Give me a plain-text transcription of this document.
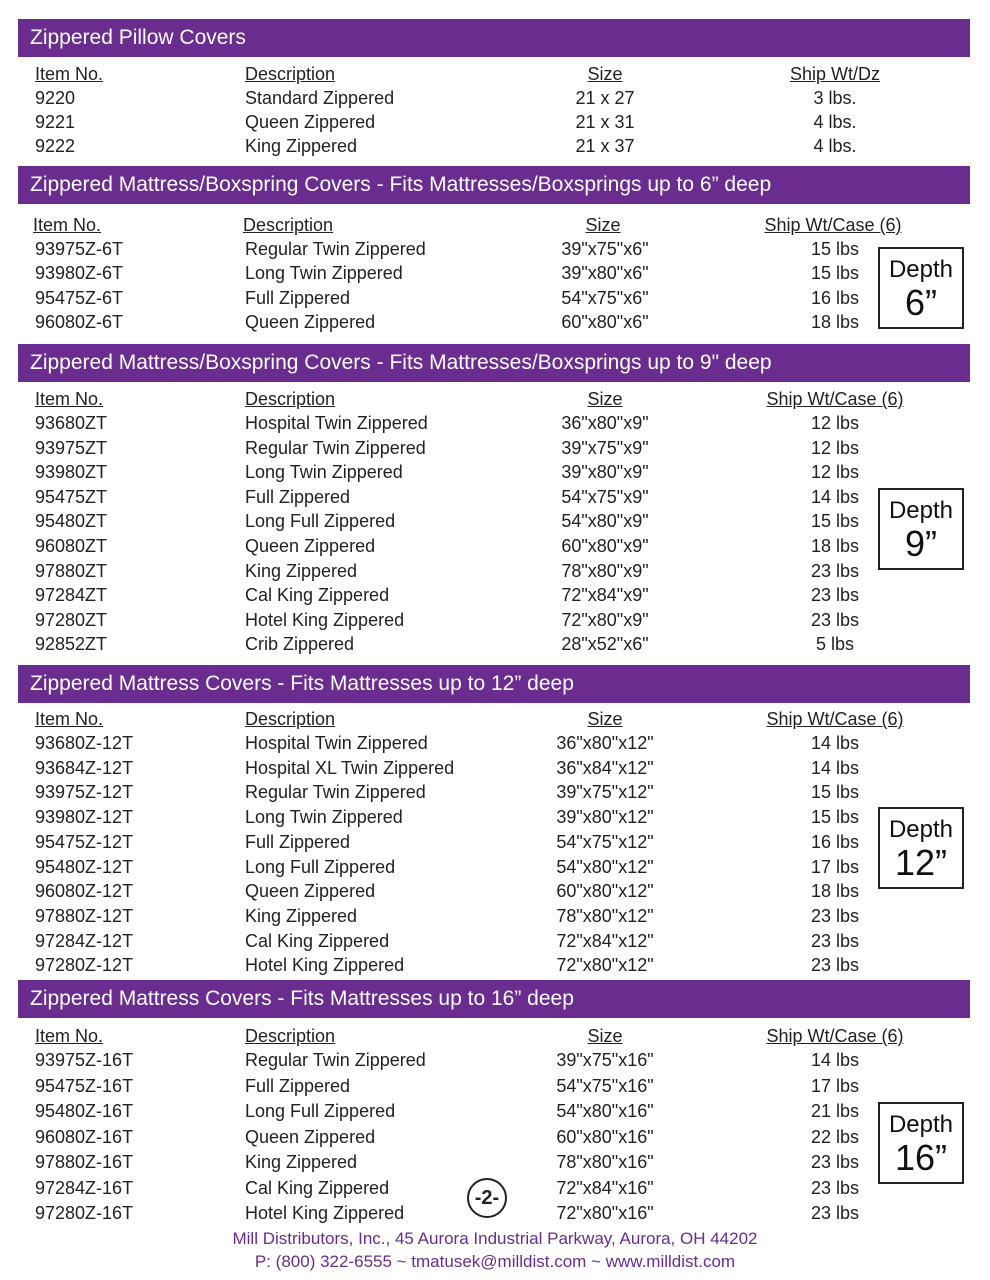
Zippered Pillow Covers
Item No.	Description	Size	Ship Wt/Dz
9220	Standard Zippered	21 x 27	3 lbs.
9221	Queen Zippered	21 x 31	4 lbs.
9222	King Zippered	21 x 37	4 lbs.
Zippered Mattress/Boxspring Covers - Fits Mattresses/Boxsprings up to 6” deep
Item No.	Description	Size	Ship Wt/Case (6)
93975Z-6T	Regular Twin Zippered	39"x75"x6"	15 lbs
93980Z-6T	Long Twin Zippered	39"x80"x6"	15 lbs
95475Z-6T	Full Zippered	54"x75"x6"	16 lbs
96080Z-6T	Queen Zippered	60"x80"x6"	18 lbs
Depth
6”
Zippered Mattress/Boxspring Covers - Fits Mattresses/Boxsprings up to 9" deep
Item No.	Description	Size	Ship Wt/Case (6)
93680ZT	Hospital Twin Zippered	36"x80"x9"	12 lbs
93975ZT	Regular Twin Zippered	39"x75"x9"	12 lbs
93980ZT	Long Twin Zippered	39"x80"x9"	12 lbs
95475ZT	Full Zippered	54"x75"x9"	14 lbs
95480ZT	Long Full Zippered	54"x80"x9"	15 lbs
96080ZT	Queen Zippered	60"x80"x9"	18 lbs
97880ZT	King Zippered	78"x80"x9"	23 lbs
97284ZT	Cal King Zippered	72"x84"x9"	23 lbs
97280ZT	Hotel King Zippered	72"x80"x9"	23 lbs
92852ZT	Crib Zippered	28"x52"x6"	5 lbs
Depth
9”
Zippered Mattress Covers - Fits Mattresses up to 12” deep
Item No.	Description	Size	Ship Wt/Case (6)
93680Z-12T	Hospital Twin Zippered	36"x80"x12"	14 lbs
93684Z-12T	Hospital XL Twin Zippered	36"x84"x12"	14 lbs
93975Z-12T	Regular Twin Zippered	39"x75"x12"	15 lbs
93980Z-12T	Long Twin Zippered	39"x80"x12"	15 lbs
95475Z-12T	Full Zippered	54"x75"x12"	16 lbs
95480Z-12T	Long Full Zippered	54"x80"x12"	17 lbs
96080Z-12T	Queen Zippered	60"x80"x12"	18 lbs
97880Z-12T	King Zippered	78"x80"x12"	23 lbs
97284Z-12T	Cal King Zippered	72"x84"x12"	23 lbs
97280Z-12T	Hotel King Zippered	72"x80"x12"	23 lbs
Depth
12”
Zippered Mattress Covers - Fits Mattresses up to 16” deep
Item No.	Description	Size	Ship Wt/Case (6)
93975Z-16T	Regular Twin Zippered	39"x75"x16"	14 lbs
95475Z-16T	Full Zippered	54"x75"x16"	17 lbs
95480Z-16T	Long Full Zippered	54"x80"x16"	21 lbs
96080Z-16T	Queen Zippered	60"x80"x16"	22 lbs
97880Z-16T	King Zippered	78"x80"x16"	23 lbs
97284Z-16T	Cal King Zippered	72"x84"x16"	23 lbs
97280Z-16T	Hotel King Zippered	72"x80"x16"	23 lbs
Depth
16”
-2-
Mill Distributors, Inc., 45 Aurora Industrial Parkway, Aurora, OH 44202
P: (800) 322-6555 ~ tmatusek@milldist.com ~ www.milldist.com
